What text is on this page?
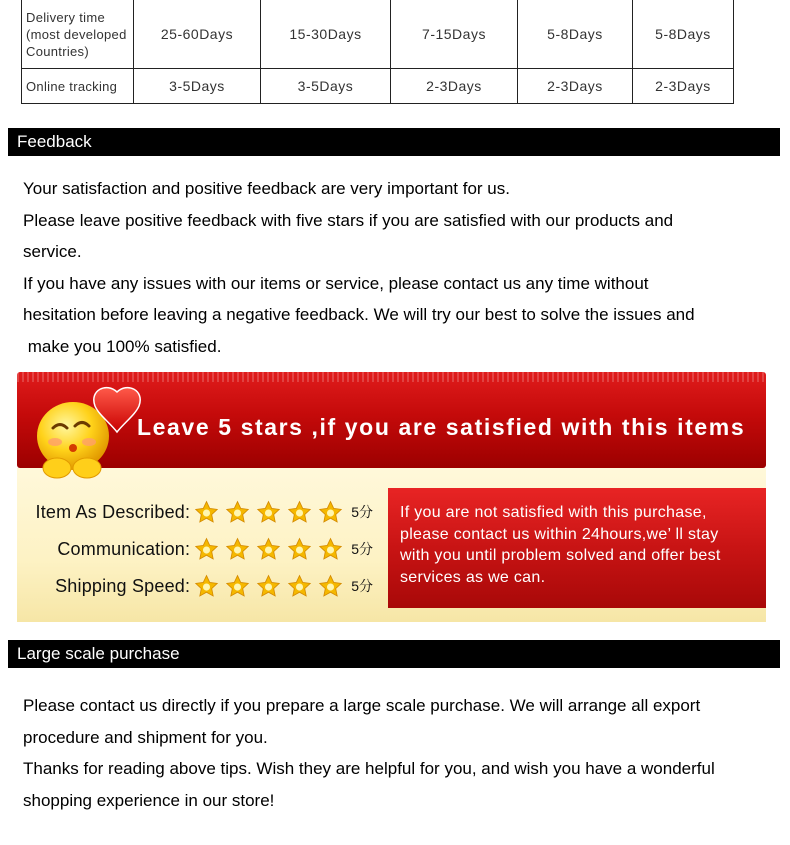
Delivery time
(most developed
Countries)	25-60Days	15-30Days	7-15Days	5-8Days	5-8Days
Online tracking	3-5Days	3-5Days	2-3Days	2-3Days	2-3Days
Feedback

Your satisfaction and positive feedback are very important for us.

Please leave positive feedback with five stars if you are satisfied with our products and

service.

If you have any issues with our items or service, please contact us any time without

hesitation before leaving a negative feedback. We will try our best to solve the issues and

make you 100% satisfied.

Leave 5 stars ,if you are satisfied with this items
Item As Described:	5分
Communication:	5分
Shipping Speed:	5分
If you are not satisfied with this purchase,
please contact us within 24hours,we’ ll stay
with you until problem solved and offer best
services as we can.
Large scale purchase

Please contact us directly if you prepare a large scale purchase. We will arrange all export

procedure and shipment for you.

Thanks for reading above tips. Wish they are helpful for you, and wish you have a wonderful

shopping experience in our store!
